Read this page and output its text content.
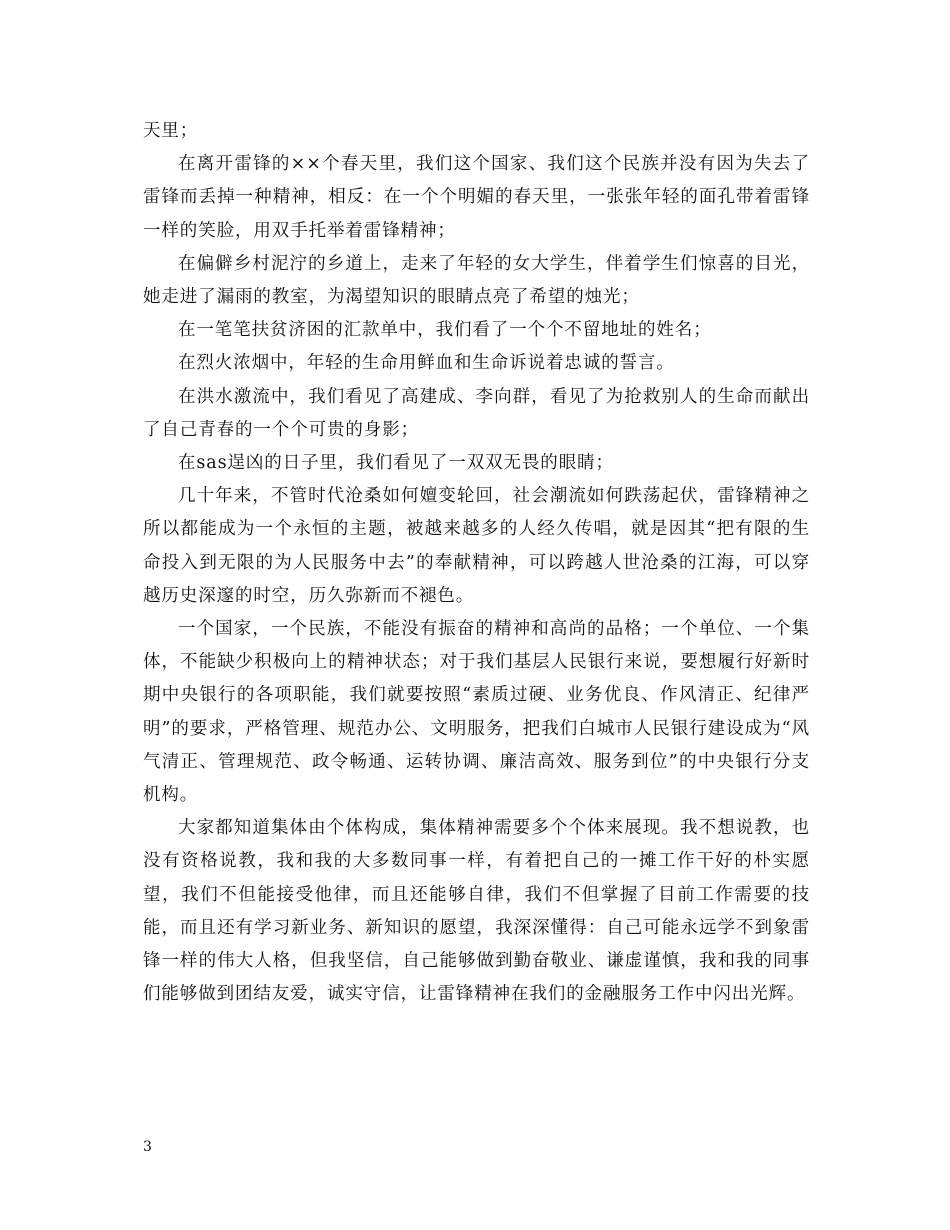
天里；

在离开雷锋的××个春天里，我们这个国家、我们这个民族并没有因为失去了雷锋而丢掉一种精神，相反：在一个个明媚的春天里，一张张年轻的面孔带着雷锋一样的笑脸，用双手托举着雷锋精神；

在偏僻乡村泥泞的乡道上，走来了年轻的女大学生，伴着学生们惊喜的目光，她走进了漏雨的教室，为渴望知识的眼睛点亮了希望的烛光；

在一笔笔扶贫济困的汇款单中，我们看了一个个不留地址的姓名；

在烈火浓烟中，年轻的生命用鲜血和生命诉说着忠诚的誓言。

在洪水激流中，我们看见了高建成、李向群，看见了为抢救别人的生命而献出了自己青春的一个个可贵的身影；

在sas逞凶的日子里，我们看见了一双双无畏的眼睛；

几十年来，不管时代沧桑如何嬗变轮回，社会潮流如何跌荡起伏，雷锋精神之所以都能成为一个永恒的主题，被越来越多的人经久传唱，就是因其“把有限的生命投入到无限的为人民服务中去”的奉献精神，可以跨越人世沧桑的江海，可以穿越历史深邃的时空，历久弥新而不褪色。

一个国家，一个民族，不能没有振奋的精神和高尚的品格；一个单位、一个集体，不能缺少积极向上的精神状态；对于我们基层人民银行来说，要想履行好新时期中央银行的各项职能，我们就要按照“素质过硬、业务优良、作风清正、纪律严明”的要求，严格管理、规范办公、文明服务，把我们白城市人民银行建设成为“风气清正、管理规范、政令畅通、运转协调、廉洁高效、服务到位”的中央银行分支机构。

大家都知道集体由个体构成，集体精神需要多个个体来展现。我不想说教，也没有资格说教，我和我的大多数同事一样，有着把自己的一摊工作干好的朴实愿望，我们不但能接受他律，而且还能够自律，我们不但掌握了目前工作需要的技能，而且还有学习新业务、新知识的愿望，我深深懂得：自己可能永远学不到象雷锋一样的伟大人格，但我坚信，自己能够做到勤奋敬业、谦虚谨慎，我和我的同事们能够做到团结友爱，诚实守信，让雷锋精神在我们的金融服务工作中闪出光辉。

3
